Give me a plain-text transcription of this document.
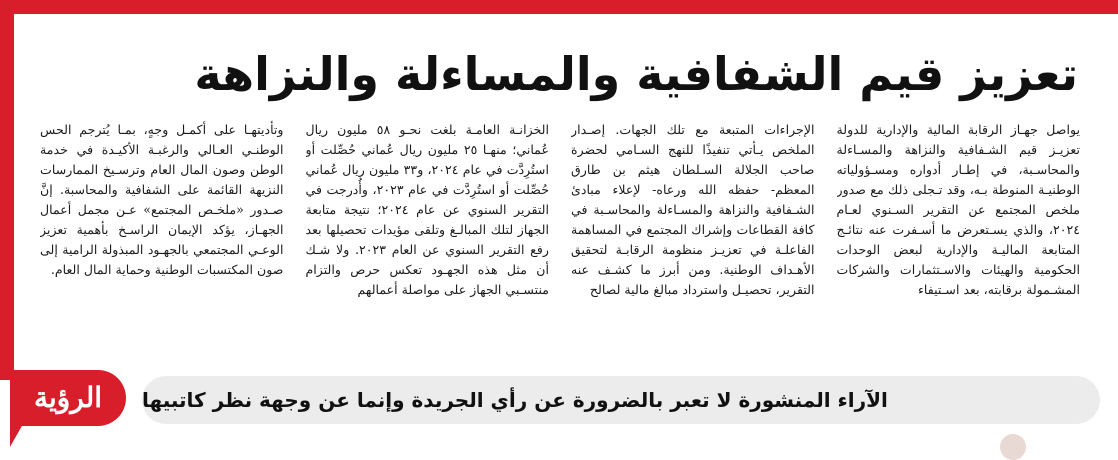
تعزيز قيم الشفافية والمساءلة والنزاهة

يواصل جهـاز الرقابة المالية والإدارية للدولة تعزيـز قيم الشـفافية والنزاهة والمسـاءلة والمحاسـبة، في إطـار أدواره ومسـؤولياته الوطنيـة المنوطة بـه، وقد تـجلى ذلك مع صدور ملخص المجتمع عن التقرير السـنوي لعـام ٢٠٢٤، والذي يسـتعرض ما أسـفرت عنه نتائـج المتابعة الماليـة والإدارية لبعض الوحدات الحكومية والهيئات والاسـتثمارات والشركات المشـمولة برقابته، بعد اسـتيفاء

الإجراءات المتبعة مع تلك الجهات. إصـدار الملخص يـأتي تنفيذًا للنهج السـامي لحضرة صاحب الجلالة السـلطان هيثم بن طارق المعظم- حفظه الله ورعاه- لإعلاء مبادئ الشـفافية والنزاهة والمسـاءلة والمحاسـبة في كافة القطاعات وإشراك المجتمع في المساهمة الفاعلـة في تعزيـز منظومة الرقابـة لتحقيق الأهـداف الوطنية. ومن أبرز ما كشـف عنه التقرير، تحصيـل واسترداد مبالغ مالية لصالح

الخزانـة العامـة بلغت نحـو ٥٨ مليون ريال عُماني؛ منهـا ٢٥ مليون ريال عُماني حُصِّلت أو استُرِدَّت في عام ٢٠٢٤، و٣٣ مليون ريال عُماني حُصِّلت أو استُرِدَّت في عام ٢٠٢٣، وأُدرجت في التقرير السنوي عن عام ٢٠٢٤؛ نتيجة متابعة الجهاز لتلك المبالـغ وتلقى مؤيدات تحصيلها بعد رفع التقرير السنوي عن العام ٢٠٢٣. ولا شـك أن مثل هذه الجهـود تعكس حرص والتزام منتسـبي الجهاز على مواصلة أعمالهم

وتأديتهـا على أكمـل وجهٍ، بمـا يُترجم الحس الوطنـي العـالي والرغبـة الأكيـدة في خدمة الوطن وصون المال العام وترسـيخ الممارسات النزيهة القائمة على الشفافية والمحاسبة. إنَّ صـدور «ملخـص المجتمع» عـن مجمل أعمال الجهـاز، يؤكد الإيمان الراسـخ بأهمية تعزيز الوعـي المجتمعي بالجهـود المبذولة الرامية إلى صون المكتسبات الوطنية وحماية المال العام.

الآراء المنشورة لا تعبر بالضرورة عن رأي الجريدة وإنما عن وجهة نظر كاتبيها
الرؤية
